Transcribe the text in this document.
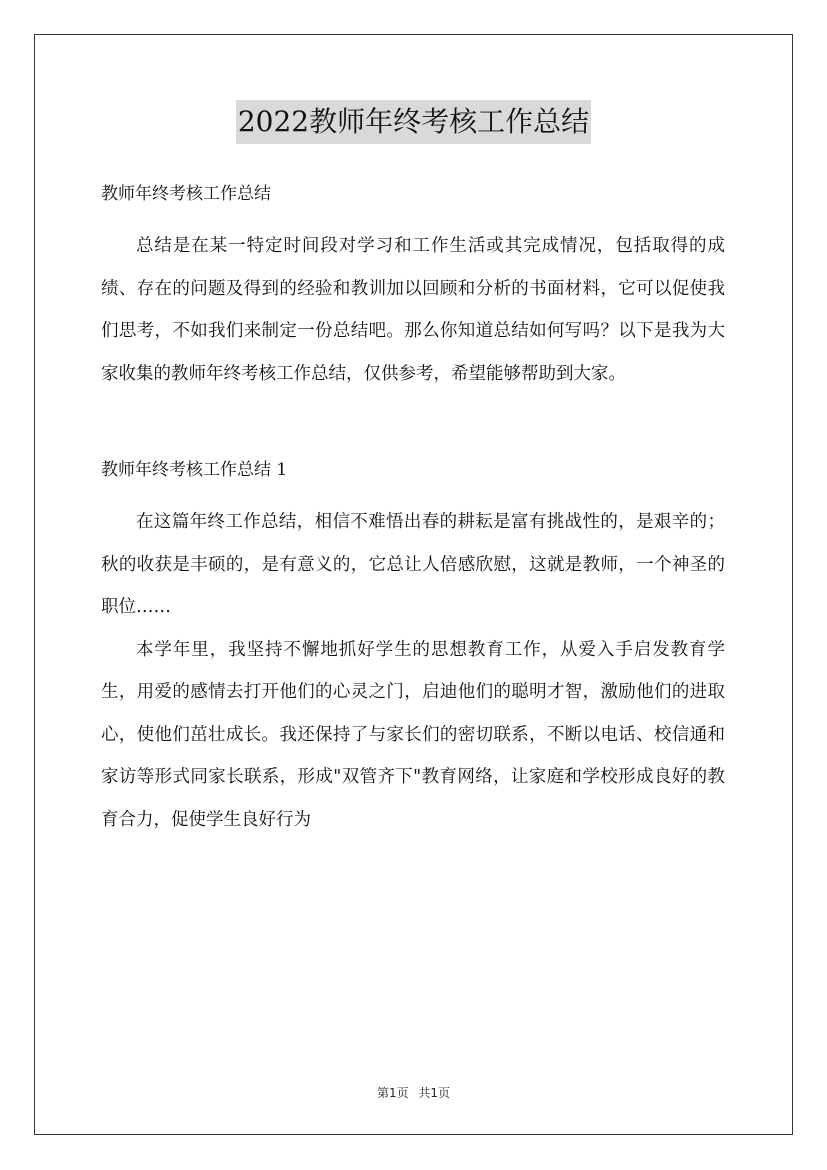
2022教师年终考核工作总结

教师年终考核工作总结

总结是在某一特定时间段对学习和工作生活或其完成情况，包括取得的成绩、存在的问题及得到的经验和教训加以回顾和分析的书面材料，它可以促使我们思考，不如我们来制定一份总结吧。那么你知道总结如何写吗？以下是我为大家收集的教师年终考核工作总结，仅供参考，希望能够帮助到大家。

教师年终考核工作总结 1

在这篇年终工作总结，相信不难悟出春的耕耘是富有挑战性的，是艰辛的；秋的收获是丰硕的，是有意义的，它总让人倍感欣慰，这就是教师，一个神圣的职位……

本学年里，我坚持不懈地抓好学生的思想教育工作，从爱入手启发教育学生，用爱的感情去打开他们的心灵之门，启迪他们的聪明才智，激励他们的进取心，使他们茁壮成长。我还保持了与家长们的密切联系，不断以电话、校信通和家访等形式同家长联系，形成"双管齐下"教育网络，让家庭和学校形成良好的教育合力，促使学生良好行为

第1页 共1页
